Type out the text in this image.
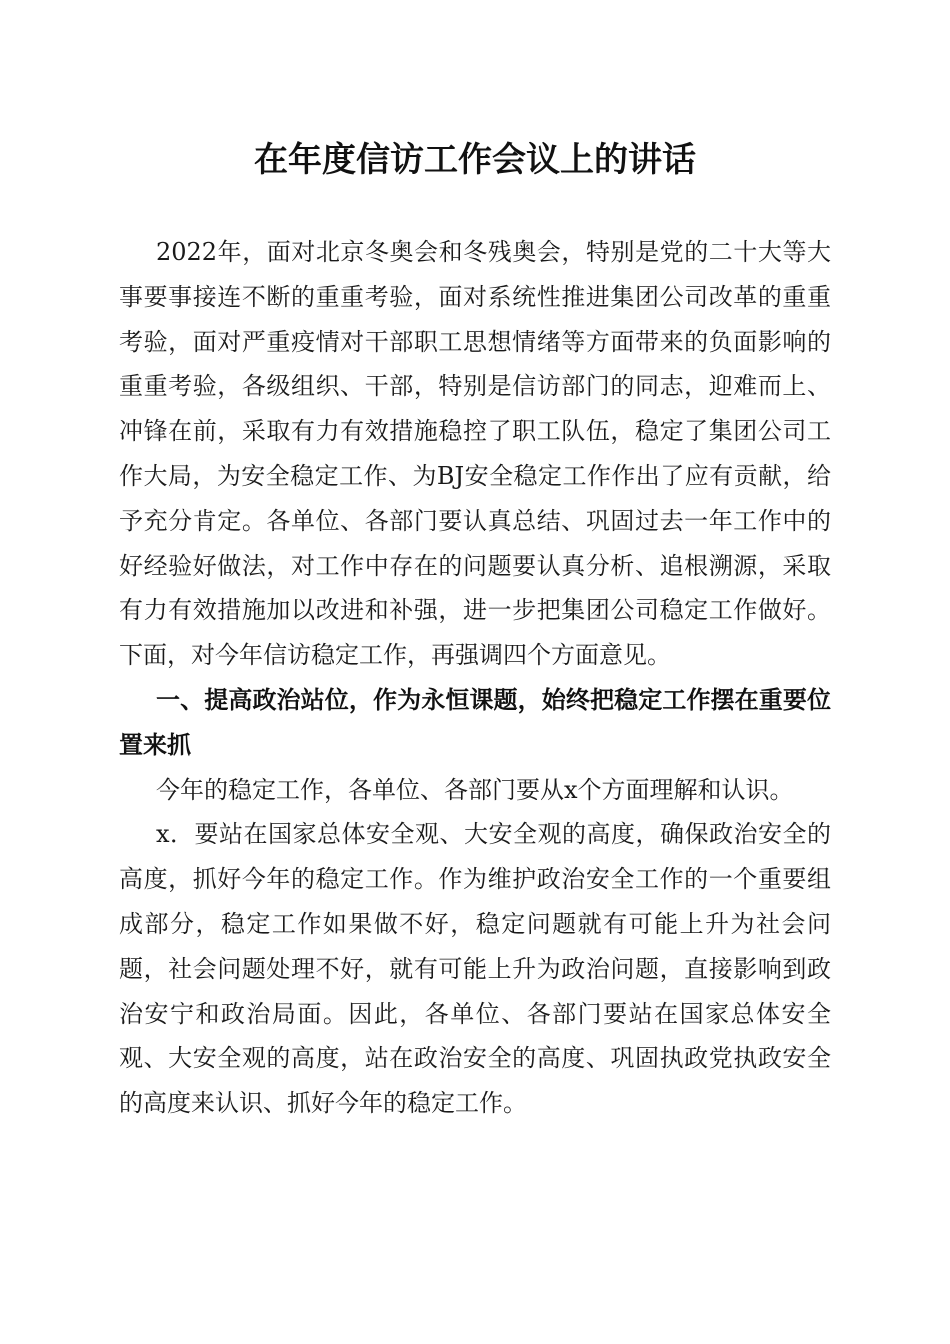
在年度信访工作会议上的讲话

2022年，面对北京冬奥会和冬残奥会，特别是党的二十大等大事要事接连不断的重重考验，面对系统性推进集团公司改革的重重考验，面对严重疫情对干部职工思想情绪等方面带来的负面影响的重重考验，各级组织、干部，特别是信访部门的同志，迎难而上、冲锋在前，采取有力有效措施稳控了职工队伍，稳定了集团公司工作大局，为安全稳定工作、为BJ安全稳定工作作出了应有贡献，给予充分肯定。各单位、各部门要认真总结、巩固过去一年工作中的好经验好做法，对工作中存在的问题要认真分析、追根溯源，采取有力有效措施加以改进和补强，进一步把集团公司稳定工作做好。下面，对今年信访稳定工作，再强调四个方面意见。

一、提高政治站位，作为永恒课题，始终把稳定工作摆在重要位置来抓

今年的稳定工作，各单位、各部门要从x个方面理解和认识。

x．要站在国家总体安全观、大安全观的高度，确保政治安全的高度，抓好今年的稳定工作。作为维护政治安全工作的一个重要组成部分，稳定工作如果做不好，稳定问题就有可能上升为社会问题，社会问题处理不好，就有可能上升为政治问题，直接影响到政治安宁和政治局面。因此，各单位、各部门要站在国家总体安全观、大安全观的高度，站在政治安全的高度、巩固执政党执政安全的高度来认识、抓好今年的稳定工作。
